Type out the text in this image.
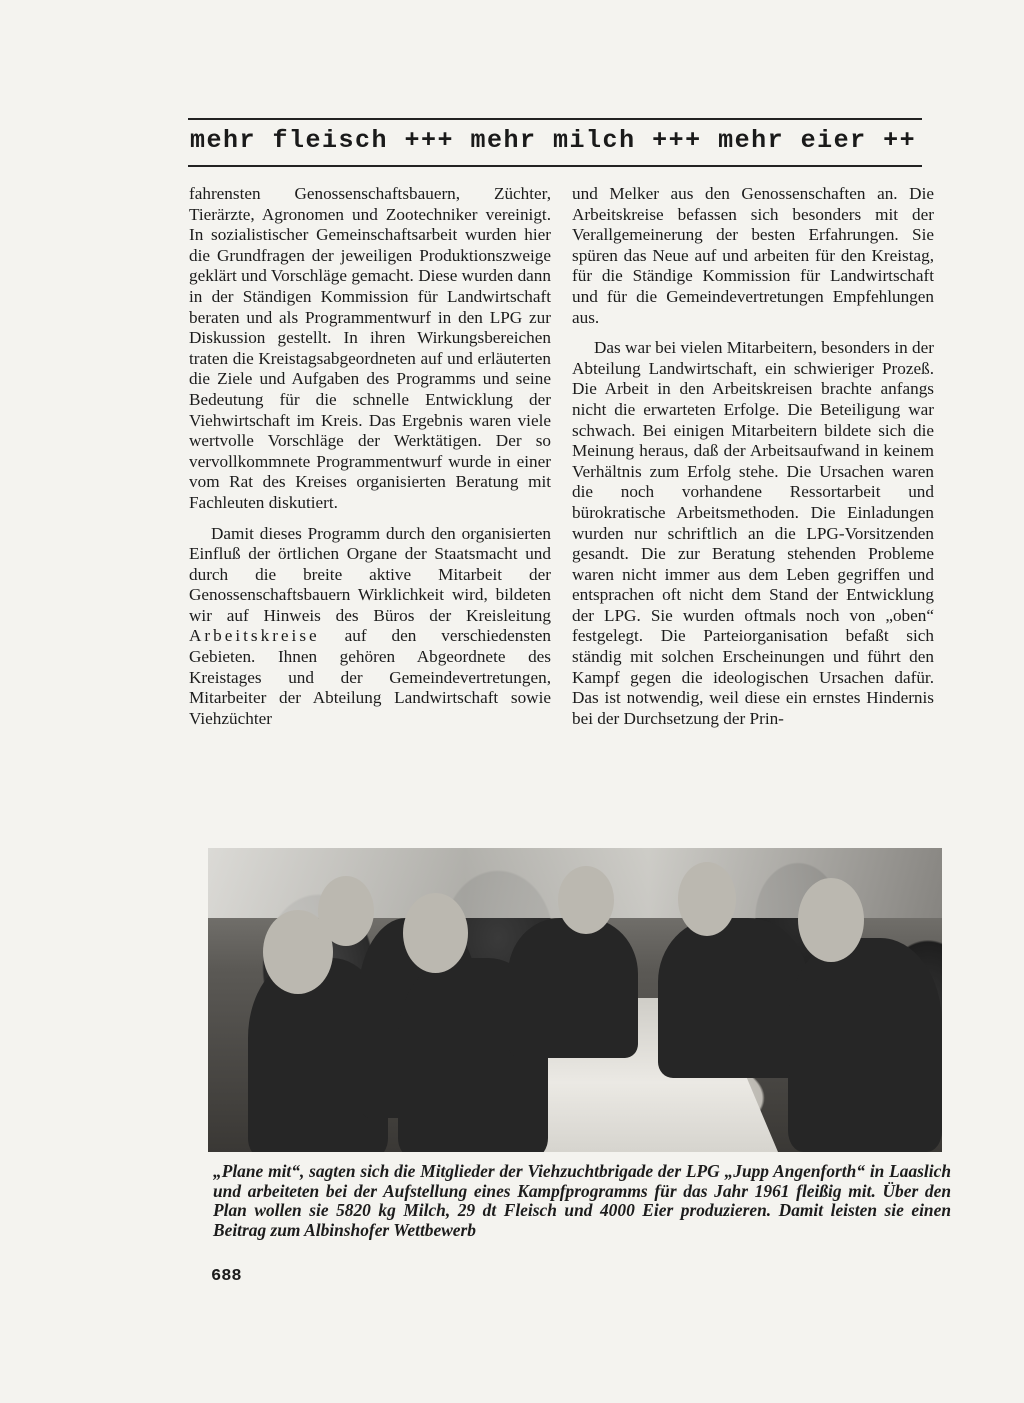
mehr fleisch +++ mehr milch +++ mehr eier ++

fahrensten Genossenschaftsbauern, Züchter, Tierärzte, Agronomen und Zootechniker vereinigt. In sozialistischer Gemeinschaftsarbeit wurden hier die Grundfragen der jeweiligen Produktionszweige geklärt und Vorschläge gemacht. Diese wurden dann in der Ständigen Kommission für Landwirtschaft beraten und als Programmentwurf in den LPG zur Diskussion gestellt. In ihren Wirkungsbereichen traten die Kreistagsabgeordneten auf und erläuterten die Ziele und Aufgaben des Programms und seine Bedeutung für die schnelle Entwicklung der Viehwirtschaft im Kreis. Das Ergebnis waren viele wertvolle Vorschläge der Werktätigen. Der so vervollkommnete Programmentwurf wurde in einer vom Rat des Kreises organisierten Beratung mit Fachleuten diskutiert.

Damit dieses Programm durch den organisierten Einfluß der örtlichen Organe der Staatsmacht und durch die breite aktive Mitarbeit der Genossenschaftsbauern Wirklichkeit wird, bildeten wir auf Hinweis des Büros der Kreisleitung Arbeitskreise auf den verschiedensten Gebieten. Ihnen gehören Abgeordnete des Kreistages und der Gemeindevertretungen, Mitarbeiter der Abteilung Landwirtschaft sowie Viehzüchter

und Melker aus den Genossenschaften an. Die Arbeitskreise befassen sich besonders mit der Verallgemeinerung der besten Erfahrungen. Sie spüren das Neue auf und arbeiten für den Kreistag, für die Ständige Kommission für Landwirtschaft und für die Gemeindevertretungen Empfehlungen aus.

Das war bei vielen Mitarbeitern, besonders in der Abteilung Landwirtschaft, ein schwieriger Prozeß. Die Arbeit in den Arbeitskreisen brachte anfangs nicht die erwarteten Erfolge. Die Beteiligung war schwach. Bei einigen Mitarbeitern bildete sich die Meinung heraus, daß der Arbeitsaufwand in keinem Verhältnis zum Erfolg stehe. Die Ursachen waren die noch vorhandene Ressortarbeit und bürokratische Arbeitsmethoden. Die Einladungen wurden nur schriftlich an die LPG-Vorsitzenden gesandt. Die zur Beratung stehenden Probleme waren nicht immer aus dem Leben gegriffen und entsprachen oft nicht dem Stand der Entwicklung der LPG. Sie wurden oftmals noch von „oben“ festgelegt. Die Parteiorganisation befaßt sich ständig mit solchen Erscheinungen und führt den Kampf gegen die ideologischen Ursachen dafür. Das ist notwendig, weil diese ein ernstes Hindernis bei der Durchsetzung der Prin-

„Plane mit“, sagten sich die Mitglieder der Viehzuchtbrigade der LPG „Jupp Angenforth“ in Laaslich und arbeiteten bei der Aufstellung eines Kampfprogramms für das Jahr 1961 fleißig mit. Über den Plan wollen sie 5820 kg Milch, 29 dt Fleisch und 4000 Eier produzieren. Damit leisten sie einen Beitrag zum Albinshofer Wettbewerb
688
